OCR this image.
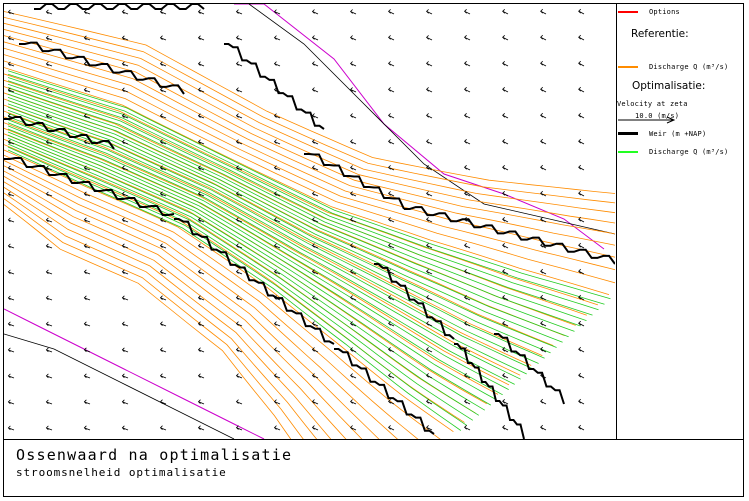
Options
Referentie:
Discharge Q (m³/s)
Optimalisatie:
Velocity at zeta
10.0 (m/s)
Weir (m +NAP)
Discharge Q (m³/s)
Ossenwaard na optimalisatie
stroomsnelheid optimalisatie
